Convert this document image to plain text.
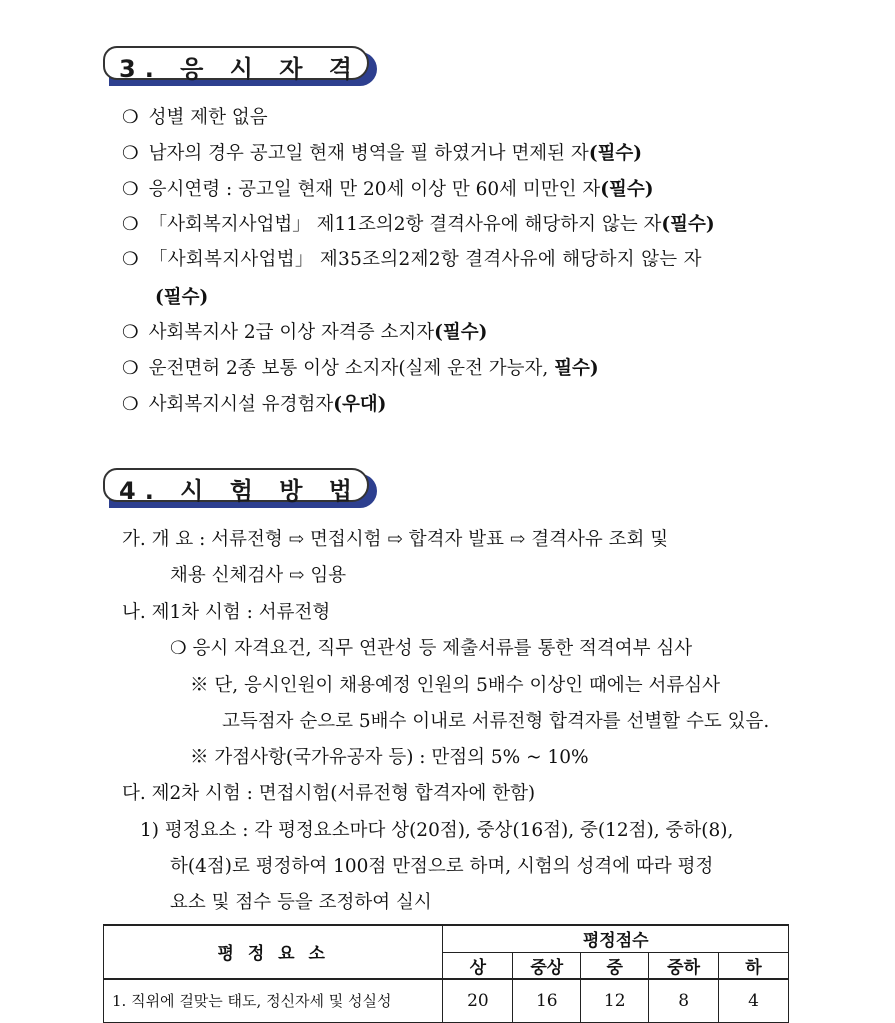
3. 응 시 자 격
❍ 성별 제한 없음
❍ 남자의 경우 공고일 현재 병역을 필 하였거나 면제된 자(필수)
❍ 응시연령 : 공고일 현재 만 20세 이상 만 60세 미만인 자(필수)
❍ 「사회복지사업법」 제11조의2항 결격사유에 해당하지 않는 자(필수)
❍ 「사회복지사업법」 제35조의2제2항 결격사유에 해당하지 않는 자
(필수)
❍ 사회복지사 2급 이상 자격증 소지자(필수)
❍ 운전면허 2종 보통 이상 소지자(실제 운전 가능자, 필수)
❍ 사회복지시설 유경험자(우대)
4. 시 험 방 법
가. 개 요 : 서류전형 ⇨ 면접시험 ⇨ 합격자 발표 ⇨ 결격사유 조회 및
채용 신체검사 ⇨ 임용
나. 제1차 시험 : 서류전형
❍ 응시 자격요건, 직무 연관성 등 제출서류를 통한 적격여부 심사
※ 단, 응시인원이 채용예정 인원의 5배수 이상인 때에는 서류심사
고득점자 순으로 5배수 이내로 서류전형 합격자를 선별할 수도 있음.
※ 가점사항(국가유공자 등) : 만점의 5% ~ 10%
다. 제2차 시험 : 면접시험(서류전형 합격자에 한함)
1) 평정요소 : 각 평정요소마다 상(20점), 중상(16점), 중(12점), 중하(8),
하(4점)로 평정하여 100점 만점으로 하며, 시험의 성격에 따라 평정
요소 및 점수 등을 조정하여 실시
평 정 요 소	평정점수				
	상	중상	중	중하	하
1. 직위에 걸맞는 태도, 정신자세 및 성실성	20	16	12	8	4
